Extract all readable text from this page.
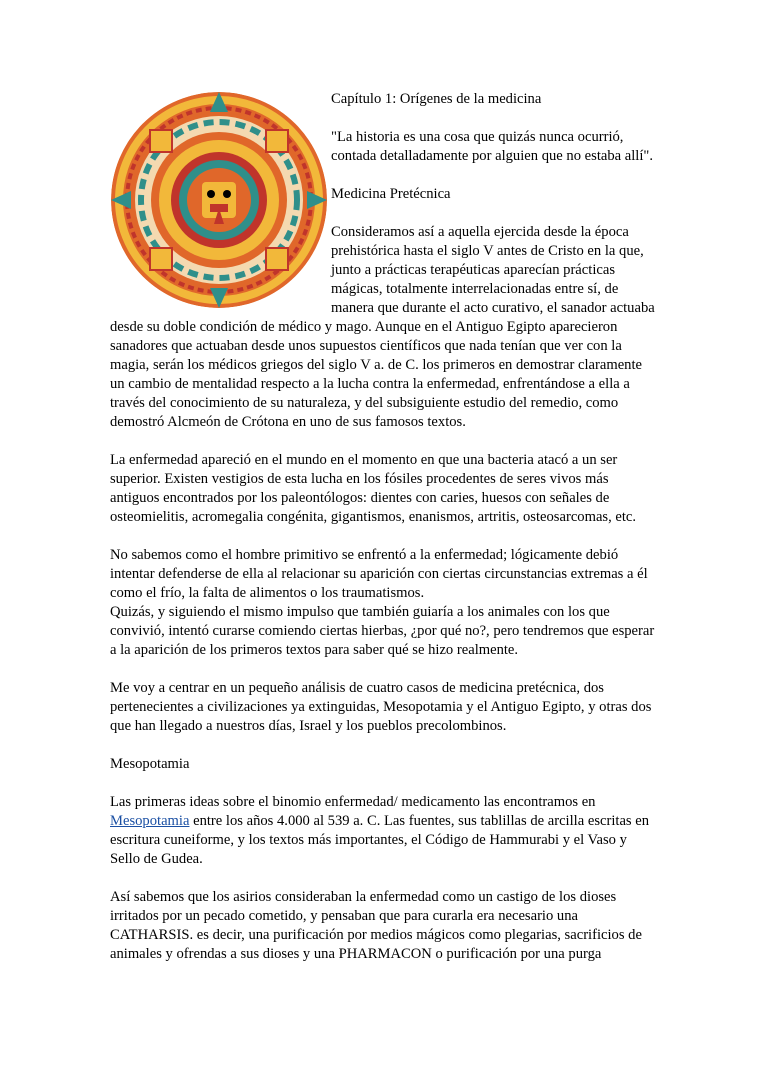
Capítulo 1: Orígenes de la medicina

"La historia es una cosa que quizás nunca ocurrió, contada detalladamente por alguien que no estaba allí".

Medicina Pretécnica

Consideramos así a aquella ejercida desde la época prehistórica hasta el siglo V antes de Cristo en la que, junto a prácticas terapéuticas aparecían prácticas mágicas, totalmente interrelacionadas entre sí, de manera que durante el acto curativo, el sanador actuaba desde su doble condición de médico y mago. Aunque en el Antiguo Egipto aparecieron sanadores que actuaban desde unos supuestos científicos que nada tenían que ver con la magia, serán los médicos griegos del siglo V a. de C. los primeros en demostrar claramente un cambio de mentalidad respecto a la lucha contra la enfermedad, enfrentándose a ella a través del conocimiento de su naturaleza, y del subsiguiente estudio del remedio, como demostró Alcmeón de Crótona en uno de sus famosos textos.

La enfermedad apareció en el mundo en el momento en que una bacteria atacó a un ser superior. Existen vestigios de esta lucha en los fósiles procedentes de seres vivos más antiguos encontrados por los paleontólogos: dientes con caries, huesos con señales de osteomielitis, acromegalia congénita, gigantismos, enanismos, artritis, osteosarcomas, etc.

No sabemos como el hombre primitivo se enfrentó a la enfermedad; lógicamente debió intentar defenderse de ella al relacionar su aparición con ciertas circunstancias extremas a él como el frío, la falta de alimentos o los traumatismos.

Quizás, y siguiendo el mismo impulso que también guiaría a los animales con los que convivió, intentó curarse comiendo ciertas hierbas, ¿por qué no?, pero tendremos que esperar a la aparición de los primeros textos para saber qué se hizo realmente.

Me voy a centrar en un pequeño análisis de cuatro casos de medicina pretécnica, dos pertenecientes a civilizaciones ya extinguidas, Mesopotamia y el Antiguo Egipto, y otras dos que han llegado a nuestros días, Israel y los pueblos precolombinos.

Mesopotamia

Las primeras ideas sobre el binomio enfermedad/ medicamento las encontramos en Mesopotamia entre los años 4.000 al 539 a. C. Las fuentes, sus tablillas de arcilla escritas en escritura cuneiforme, y los textos más importantes, el Código de Hammurabi y el Vaso y Sello de Gudea.

Así sabemos que los asirios consideraban la enfermedad como un castigo de los dioses irritados por un pecado cometido, y pensaban que para curarla era necesario una CATHARSIS. es decir, una purificación por medios mágicos como plegarias, sacrificios de animales y ofrendas a sus dioses y una PHARMACON o purificación por una purga
